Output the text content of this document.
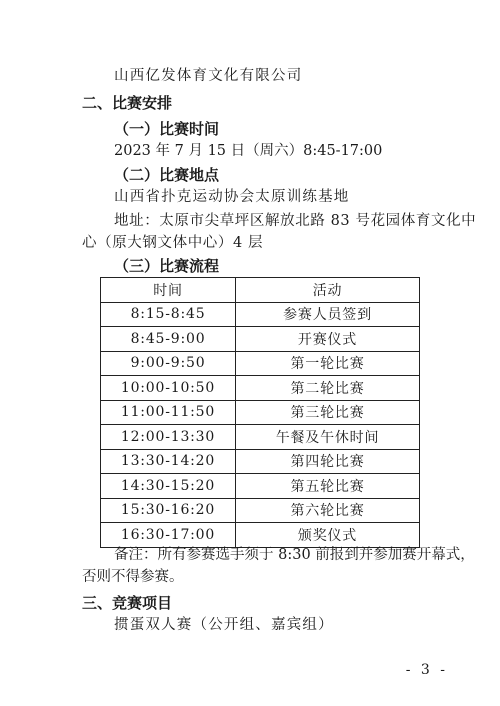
山西亿发体育文化有限公司
二、比赛安排
（一）比赛时间
2023 年 7 月 15 日（周六）8:45-17:00
（二）比赛地点
山西省扑克运动协会太原训练基地
地址：太原市尖草坪区解放北路 83 号花园体育文化中
心（原大钢文体中心）4 层
（三）比赛流程
时间	活动
8:15-8:45	参赛人员签到
8:45-9:00	开赛仪式
9:00-9:50	第一轮比赛
10:00-10:50	第二轮比赛
11:00-11:50	第三轮比赛
12:00-13:30	午餐及午休时间
13:30-14:20	第四轮比赛
14:30-15:20	第五轮比赛
15:30-16:20	第六轮比赛
16:30-17:00	颁奖仪式
备注：所有参赛选手须于 8:30 前报到并参加赛开幕式，
否则不得参赛。
三、竞赛项目
掼蛋双人赛（公开组、嘉宾组）
- 3 -
